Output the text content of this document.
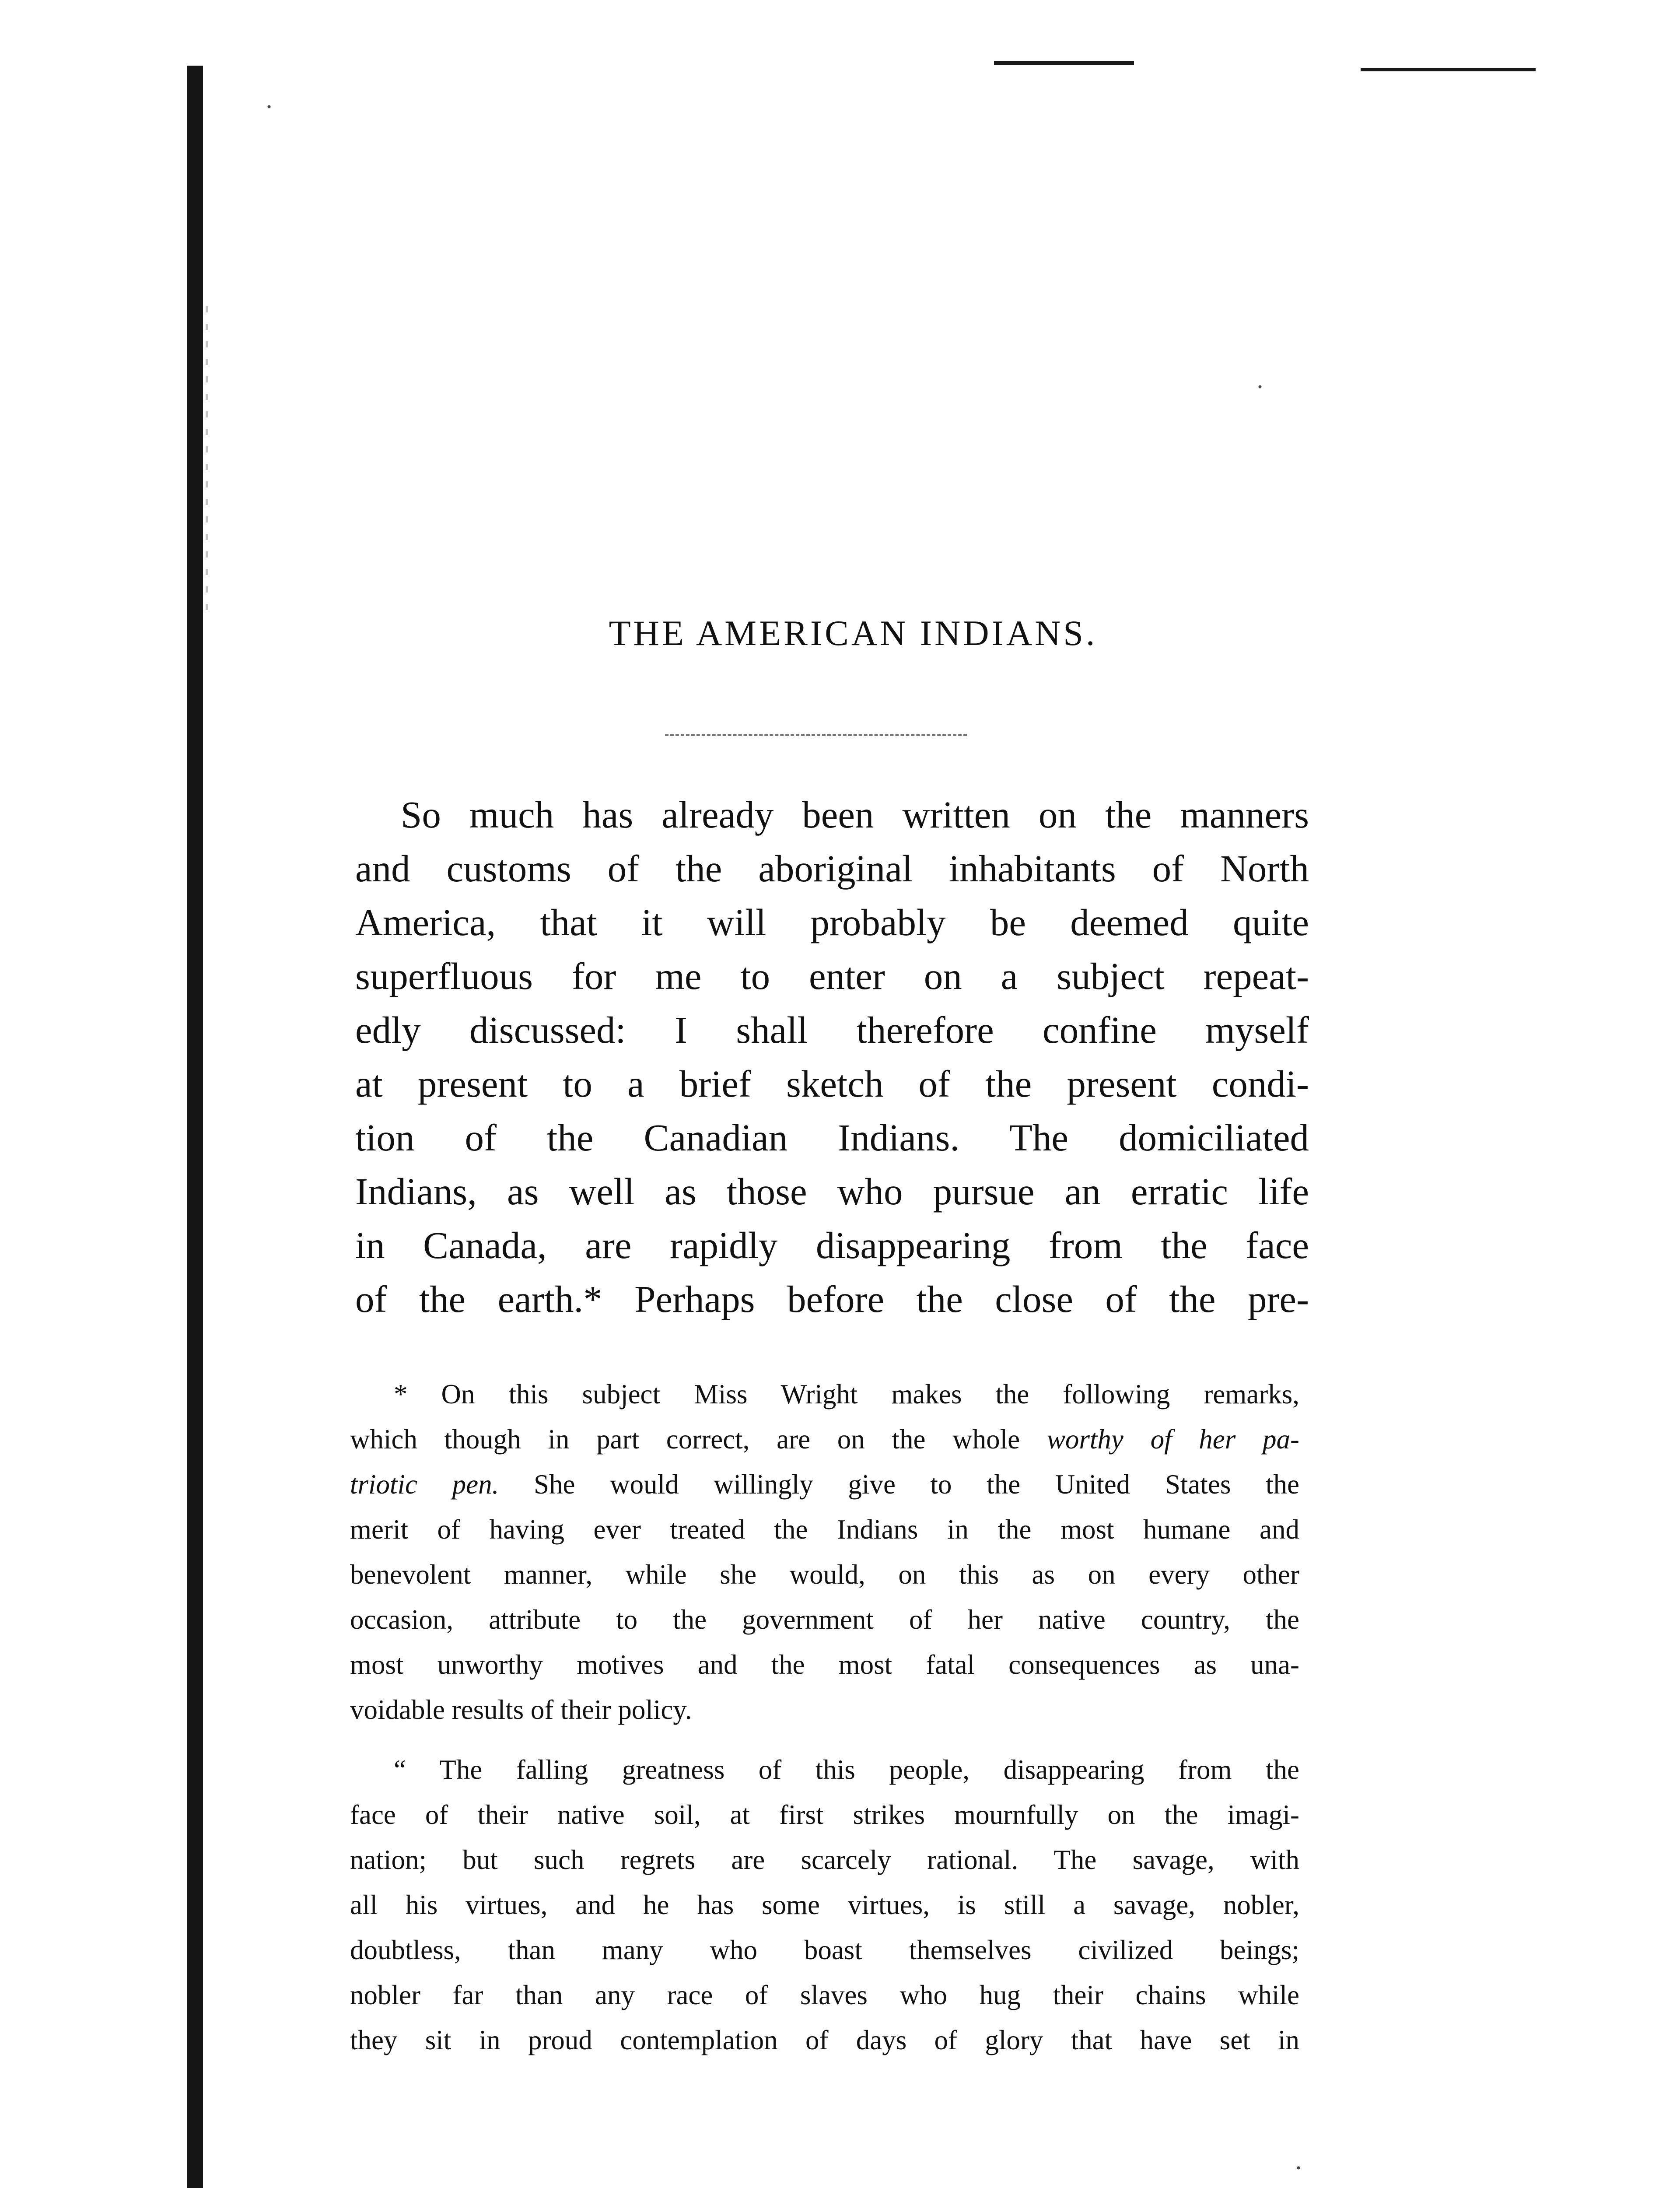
THE AMERICAN INDIANS.
So much has already been written on the manners
and customs of the aboriginal inhabitants of North
America, that it will probably be deemed quite
superfluous for me to enter on a subject repeat-
edly discussed: I shall therefore confine myself
at present to a brief sketch of the present condi-
tion of the Canadian Indians. The domiciliated
Indians, as well as those who pursue an erratic life
in Canada, are rapidly disappearing from the face
of the earth.* Perhaps before the close of the pre-
* On this subject Miss Wright makes the following remarks,
which though in part correct, are on the whole worthy of her pa-
triotic pen. She would willingly give to the United States the
merit of having ever treated the Indians in the most humane and
benevolent manner, while she would, on this as on every other
occasion, attribute to the government of her native country, the
most unworthy motives and the most fatal consequences as una-
voidable results of their policy.
“ The falling greatness of this people, disappearing from the
face of their native soil, at first strikes mournfully on the imagi-
nation; but such regrets are scarcely rational. The savage, with
all his virtues, and he has some virtues, is still a savage, nobler,
doubtless, than many who boast themselves civilized beings;
nobler far than any race of slaves who hug their chains while
they sit in proud contemplation of days of glory that have set in
·
·
·
